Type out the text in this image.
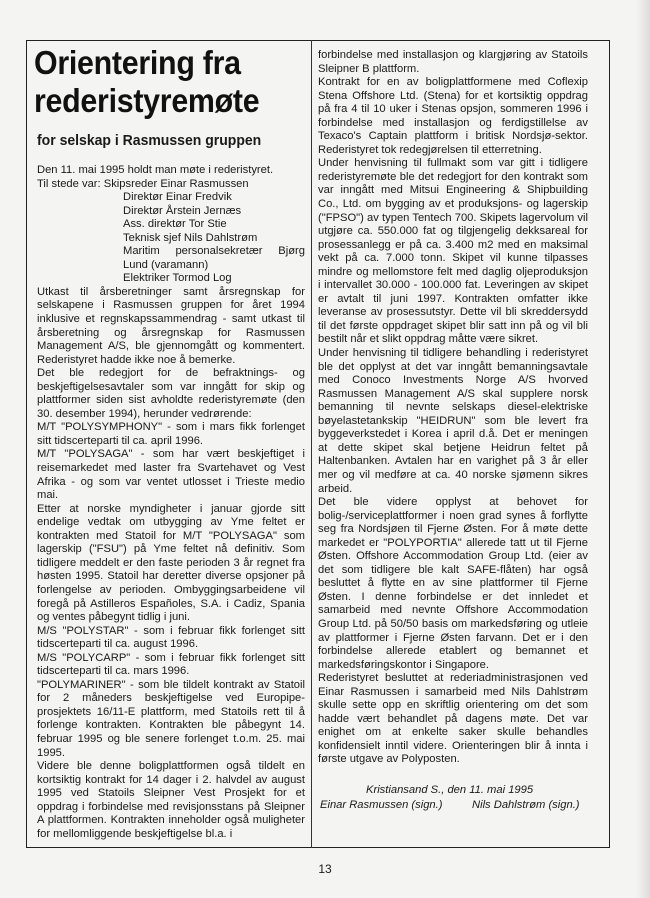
Orientering fra rederistyremøte
for selskap i Rasmussen gruppen

Den 11. mai 1995 holdt man møte i rederistyret.

Til stede var: Skipsreder Einar Rasmussen

Direktør Einar Fredvik

Direktør Årstein Jernæs

Ass. direktør Tor Stie

Teknisk sjef Nils Dahlstrøm

Maritim personalsekretær Bjørg Lund (varamann)

Elektriker Tormod Log

Utkast til årsberetninger samt årsregnskap for selskapene i Rasmussen gruppen for året 1994 inklusive et regnskapssammendrag - samt utkast til årsberetning og årsregnskap for Rasmussen Management A/S, ble gjennomgått og kommentert. Rederistyret hadde ikke noe å bemerke.

Det ble redegjort for de befraktnings- og beskjeftigelsesavtaler som var inngått for skip og plattformer siden sist avholdte rederistyremøte (den 30. desember 1994), herunder vedrørende:

M/T "POLYSYMPHONY" - som i mars fikk forlenget sitt tidscerteparti til ca. april 1996.

M/T "POLYSAGA" - som har vært beskjeftiget i reisemarkedet med laster fra Svartehavet og Vest Afrika - og som var ventet utlosset i Trieste medio mai.

Etter at norske myndigheter i januar gjorde sitt endelige vedtak om utbygging av Yme feltet er kontrakten med Statoil for M/T "POLYSAGA" som lagerskip ("FSU") på Yme feltet nå definitiv. Som tidligere meddelt er den faste perioden 3 år regnet fra høsten 1995. Statoil har deretter diverse opsjoner på forlengelse av perioden. Ombyggingsarbeidene vil foregå på Astilleros Españoles, S.A. i Cadiz, Spania og ventes påbegynt tidlig i juni.

M/S "POLYSTAR" - som i februar fikk forlenget sitt tidscerteparti til ca. august 1996.

M/S "POLYCARP" - som i februar fikk forlenget sitt tidscerteparti til ca. mars 1996.

"POLYMARINER" - som ble tildelt kontrakt av Statoil for 2 måneders beskjeftigelse ved Europipe-prosjektets 16/11-E plattform, med Statoils rett til å forlenge kontrakten. Kontrakten ble påbegynt 14. februar 1995 og ble senere forlenget t.o.m. 25. mai 1995.

Videre ble denne boligplattformen også tildelt en kortsiktig kontrakt for 14 dager i 2. halvdel av august 1995 ved Statoils Sleipner Vest Prosjekt for et oppdrag i forbindelse med revisjonsstans på Sleipner A plattformen. Kontrakten inneholder også muligheter for mellomliggende beskjeftigelse bl.a. i

forbindelse med installasjon og klargjøring av Statoils Sleipner B plattform.

Kontrakt for en av boligplattformene med Coflexip Stena Offshore Ltd. (Stena) for et kortsiktig oppdrag på fra 4 til 10 uker i Stenas opsjon, sommeren 1996 i forbindelse med installasjon og ferdigstillelse av Texaco's Captain plattform i britisk Nordsjø-sektor. Rederistyret tok redegjørelsen til etterretning.

Under henvisning til fullmakt som var gitt i tidligere rederistyremøte ble det redegjort for den kontrakt som var inngått med Mitsui Engineering & Shipbuilding Co., Ltd. om bygging av et produksjons- og lagerskip ("FPSO") av typen Tentech 700. Skipets lagervolum vil utgjøre ca. 550.000 fat og tilgjengelig dekksareal for prosessanlegg er på ca. 3.400 m2 med en maksimal vekt på ca. 7.000 tonn. Skipet vil kunne tilpasses mindre og mellomstore felt med daglig oljeproduksjon i intervallet 30.000 - 100.000 fat. Leveringen av skipet er avtalt til juni 1997. Kontrakten omfatter ikke leveranse av prosessutstyr. Dette vil bli skreddersydd til det første oppdraget skipet blir satt inn på og vil bli bestilt når et slikt oppdrag måtte være sikret.

Under henvisning til tidligere behandling i rederistyret ble det opplyst at det var inngått bemanningsavtale med Conoco Investments Norge A/S hvorved Rasmussen Management A/S skal supplere norsk bemanning til nevnte selskaps diesel-elektriske bøyelastetankskip "HEIDRUN" som ble levert fra byggeverkstedet i Korea i april d.å. Det er meningen at dette skipet skal betjene Heidrun feltet på Haltenbanken. Avtalen har en varighet på 3 år eller mer og vil medføre at ca. 40 norske sjømenn sikres arbeid.

Det ble videre opplyst at behovet for bolig-/serviceplattformer i noen grad synes å forflytte seg fra Nordsjøen til Fjerne Østen. For å møte dette markedet er "POLYPORTIA" allerede tatt ut til Fjerne Østen. Offshore Accommodation Group Ltd. (eier av det som tidligere ble kalt SAFE-flåten) har også besluttet å flytte en av sine plattformer til Fjerne Østen. I denne forbindelse er det innledet et samarbeid med nevnte Offshore Accommodation Group Ltd. på 50/50 basis om markedsføring og utleie av plattformer i Fjerne Østen farvann. Det er i den forbindelse allerede etablert og bemannet et markedsføringskontor i Singapore.

Rederistyret besluttet at rederiadministrasjonen ved Einar Rasmussen i samarbeid med Nils Dahlstrøm skulle sette opp en skriftlig orientering om det som hadde vært behandlet på dagens møte. Det var enighet om at enkelte saker skulle behandles konfidensielt inntil videre. Orienteringen blir å innta i første utgave av Polyposten.

Kristiansand S., den 11. mai 1995
Einar Rasmussen (sign.)	Nils Dahlstrøm (sign.)
13
